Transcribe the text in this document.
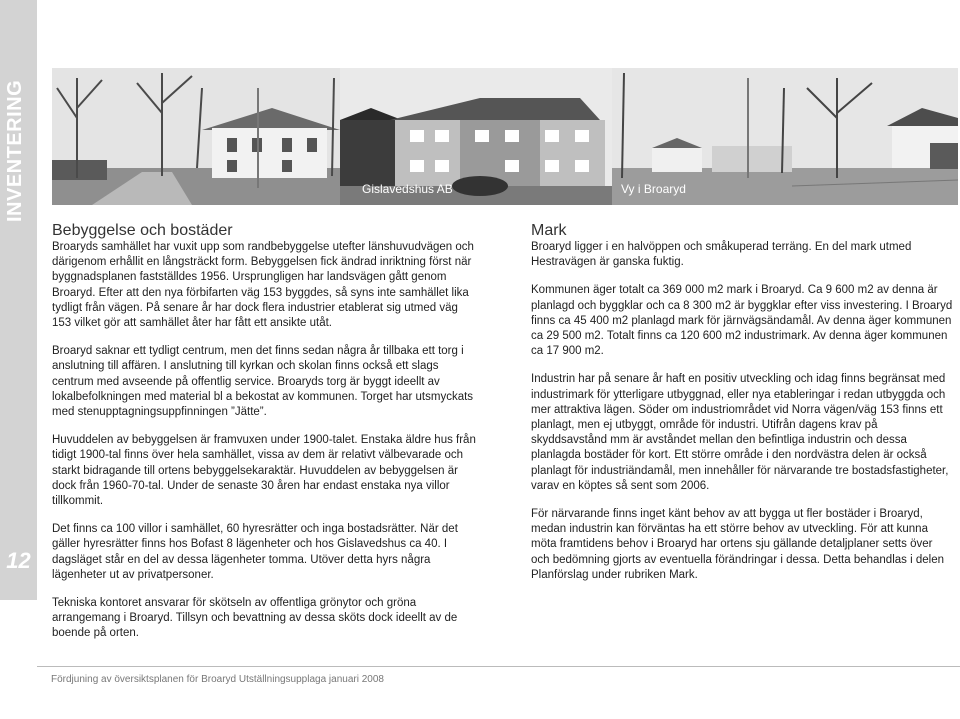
INVENTERING
12
Gislavedshus AB	Vy i Broaryd
Bebyggelse och bostäder

Broaryds samhället har vuxit upp som randbebyggelse utefter länshuvudvägen och därigenom erhållit en långsträckt form. Bebyggelsen fick ändrad inriktning först när byggnadsplanen fastställdes 1956. Ursprungligen har landsvägen gått genom Broaryd. Efter att den nya förbifarten väg 153 byggdes, så syns inte samhället lika tydligt från vägen. På senare år har dock flera industrier etablerat sig utmed väg 153 vilket gör att samhället åter har fått ett ansikte utåt.

Broaryd saknar ett tydligt centrum, men det finns sedan några år tillbaka ett torg i anslutning till affären. I anslutning till kyrkan och skolan finns också ett slags centrum med avseende på offentlig service. Broaryds torg är byggt ideellt av lokalbefolkningen med material bl a bekostat av kommunen. Torget har utsmyckats med stenupptagningsuppfinningen ”Jätte”.

Huvuddelen av bebyggelsen är framvuxen under 1900-talet. Enstaka äldre hus från tidigt 1900-tal finns över hela samhället, vissa av dem är relativt välbevarade och starkt bidragande till ortens bebyggelsekaraktär. Huvuddelen av bebyggelsen är dock från 1960-70-tal. Under de senaste 30 åren har endast enstaka nya villor tillkommit.

Det finns ca 100 villor i samhället, 60 hyresrätter och inga bostadsrätter. När det gäller hyresrätter finns hos Bofast 8 lägenheter och hos Gislavedshus ca 40. I dagsläget står en del av dessa lägenheter tomma. Utöver detta hyrs några lägenheter ut av privatpersoner.

Tekniska kontoret ansvarar för skötseln av offentliga grönytor och gröna arrangemang i Broaryd. Tillsyn och bevattning av dessa sköts dock ideellt av de boende på orten.

Mark

Broaryd ligger i en halvöppen och småkuperad terräng. En del mark utmed Hestravägen är ganska fuktig.

Kommunen äger totalt ca 369 000 m2 mark i Broaryd. Ca 9 600 m2 av denna är planlagd och byggklar och ca 8 300 m2 är byggklar efter viss investering. I Broaryd finns ca 45 400 m2 planlagd mark för järnvägsändamål. Av denna äger kommunen ca 29 500 m2. Totalt finns ca 120 600 m2 industrimark. Av denna äger kommunen ca 17 900 m2.

Industrin har på senare år haft en positiv utveckling och idag finns begränsat med industrimark för ytterligare utbyggnad, eller nya etableringar i redan utbyggda och mer attraktiva lägen. Söder om industriområdet vid Norra vägen/väg 153 finns ett planlagt, men ej utbyggt, område för industri. Utifrån dagens krav på skyddsavstånd mm är avståndet mellan den befintliga industrin och dessa planlagda bostäder för kort. Ett större område i den nordvästra delen är också planlagt för industriändamål, men innehåller för närvarande tre bostadsfastigheter, varav en köptes så sent som 2006.

För närvarande finns inget känt behov av att bygga ut fler bostäder i Broaryd, medan industrin kan förväntas ha ett större behov av utveckling. För att kunna möta framtidens behov i Broaryd har ortens sju gällande detaljplaner setts över och bedömning gjorts av eventuella förändringar i dessa. Detta behandlas i delen Planförslag under rubriken Mark.

Fördjuning av översiktsplanen för Broaryd Utställningsupplaga januari 2008
